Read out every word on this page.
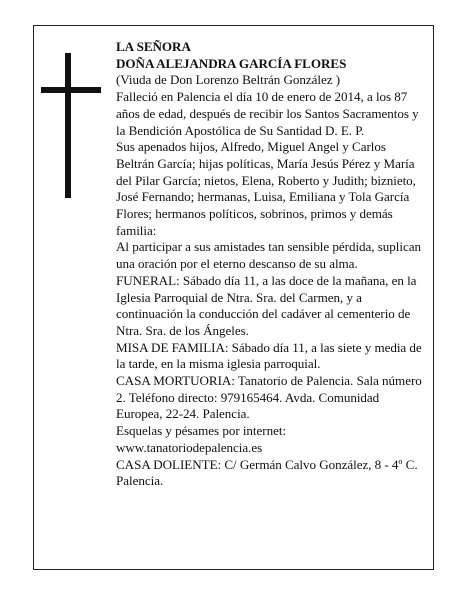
LA SEÑORA

DOÑA ALEJANDRA GARCÍA FLORES

(Viuda de Don Lorenzo Beltrán González )

Falleció en Palencia el día 10 de enero de 2014, a los 87 años de edad, después de recibir los Santos Sacramentos y la Bendición Apostólica de Su Santidad D. E. P.

Sus apenados hijos, Alfredo, Miguel Angel y Carlos Beltrán García; hijas políticas, María Jesús Pérez y María del Pilar García; nietos, Elena, Roberto y Judith; biznieto, José Fernando; hermanas, Luisa, Emiliana y Tola García Flores; hermanos políticos, sobrinos, primos y demás familia:

Al participar a sus amistades tan sensible pérdida, suplican una oración por el eterno descanso de su alma.

FUNERAL: Sábado día 11, a las doce de la mañana, en la Iglesia Parroquial de Ntra. Sra. del Carmen, y a continuación la conducción del cadáver al cementerio de Ntra. Sra. de los Ángeles.

MISA DE FAMILIA: Sábado día 11, a las siete y media de la tarde, en la misma iglesia parroquial.

CASA MORTUORIA: Tanatorio de Palencia. Sala número 2. Teléfono directo: 979165464. Avda. Comunidad Europea, 22-24. Palencia.

Esquelas y pésames por internet:

www.tanatoriodepalencia.es

CASA DOLIENTE: C/ Germán Calvo González, 8 - 4º C. Palencia.
